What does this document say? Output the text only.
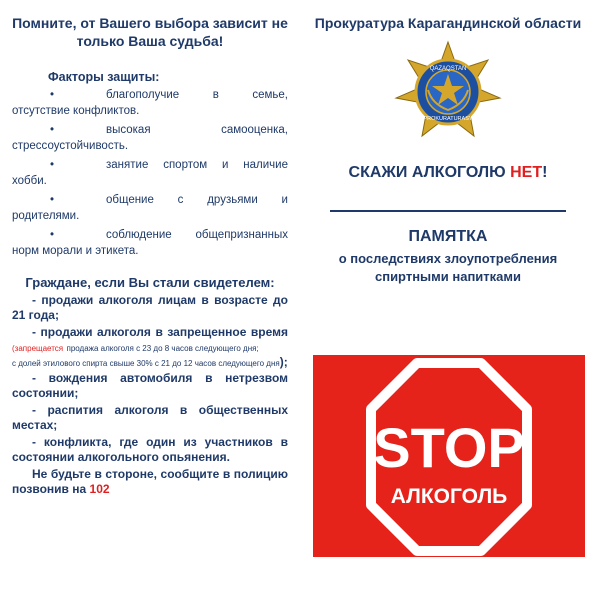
Помните, от Вашего выбора зависит не только Ваша судьба!

Факторы защиты:

•	благополучие в семье, отсутствие конфликтов.
•	высокая самооценка, стрессоустойчивость.
•	занятие спортом и наличие хобби.
•	общение с друзьями и родителями.
•	соблюдение общепризнанных норм морали и этикета.

Граждане, если Вы стали свидетелем:

- продажи алкоголя лицам в возрасте до 21 года;

- продажи алкоголя в запрещенное время (запрещается продажа алкоголя с 23 до 8 часов следующего дня;

с долей этилового спирта свыше 30% с 21 до 12 часов следующего дня);

- вождения автомобиля в нетрезвом состоянии;

- распития алкоголя в общественных местах;

- конфликта, где один из участников в состоянии алкогольного опьянения.

Не будьте в стороне, сообщите в полицию позвонив на 102

Прокуратура Карагандинской области

QAZAQSTAN
PROKURATURASY

СКАЖИ АЛКОГОЛЮ НЕТ!

ПАМЯТКА

о последствиях злоупотребления спиртными напитками

STOP
АЛКОГОЛЬ
